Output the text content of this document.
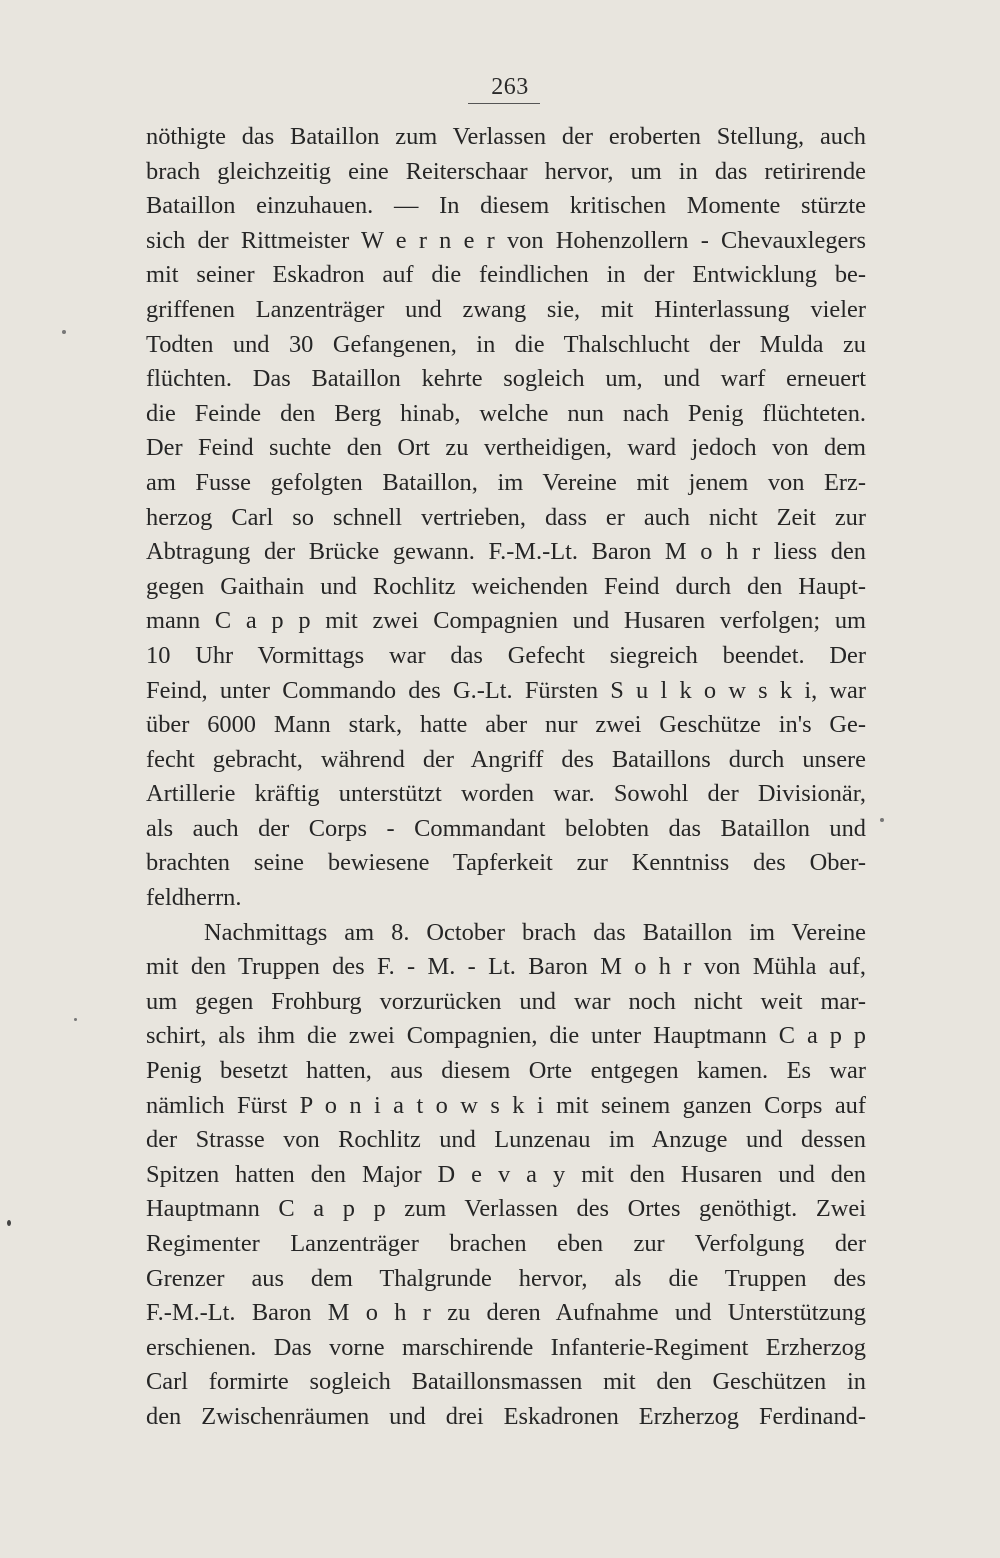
263
nöthigte das Bataillon zum Verlassen der eroberten Stellung, auch
brach gleichzeitig eine Reiterschaar hervor, um in das retirirende
Bataillon einzuhauen. — In diesem kritischen Momente stürzte
sich der Rittmeister W e r n e r von Hohenzollern - Chevauxlegers
mit seiner Eskadron auf die feindlichen in der Entwicklung be-
griffenen Lanzenträger und zwang sie, mit Hinterlassung vieler
Todten und 30 Gefangenen, in die Thalschlucht der Mulda zu
flüchten. Das Bataillon kehrte sogleich um, und warf erneuert
die Feinde den Berg hinab, welche nun nach Penig flüchteten.
Der Feind suchte den Ort zu vertheidigen, ward jedoch von dem
am Fusse gefolgten Bataillon, im Vereine mit jenem von Erz-
herzog Carl so schnell vertrieben, dass er auch nicht Zeit zur
Abtragung der Brücke gewann. F.-M.-Lt. Baron M o h r liess den
gegen Gaithain und Rochlitz weichenden Feind durch den Haupt-
mann C a p p mit zwei Compagnien und Husaren verfolgen; um
10 Uhr Vormittags war das Gefecht siegreich beendet. Der
Feind, unter Commando des G.-Lt. Fürsten S u l k o w s k i, war
über 6000 Mann stark, hatte aber nur zwei Geschütze in's Ge-
fecht gebracht, während der Angriff des Bataillons durch unsere
Artillerie kräftig unterstützt worden war. Sowohl der Divisionär,
als auch der Corps - Commandant belobten das Bataillon und
brachten seine bewiesene Tapferkeit zur Kenntniss des Ober-
feldherrn.
Nachmittags am 8. October brach das Bataillon im Vereine
mit den Truppen des F. - M. - Lt. Baron M o h r von Mühla auf,
um gegen Frohburg vorzurücken und war noch nicht weit mar-
schirt, als ihm die zwei Compagnien, die unter Hauptmann C a p p
Penig besetzt hatten, aus diesem Orte entgegen kamen. Es war
nämlich Fürst P o n i a t o w s k i mit seinem ganzen Corps auf
der Strasse von Rochlitz und Lunzenau im Anzuge und dessen
Spitzen hatten den Major D e v a y mit den Husaren und den
Hauptmann C a p p zum Verlassen des Ortes genöthigt. Zwei
Regimenter Lanzenträger brachen eben zur Verfolgung der
Grenzer aus dem Thalgrunde hervor, als die Truppen des
F.-M.-Lt. Baron M o h r zu deren Aufnahme und Unterstützung
erschienen. Das vorne marschirende Infanterie-Regiment Erzherzog
Carl formirte sogleich Bataillonsmassen mit den Geschützen in
den Zwischenräumen und drei Eskadronen Erzherzog Ferdinand-
